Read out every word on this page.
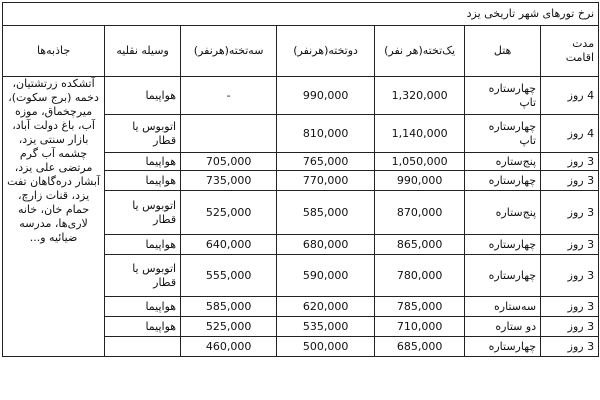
نرخ تورهای شهر تاریخی یزد						
مدت اقامت	هتل	یک‌تخته(هر نفر)	دوتخته(هرنفر)	سه‌تخته(هرنفر)	وسیله نقلیه	جاذبه‌ها
4 روز	چهارستاره تاپ	1,320,000	990,000	-	هواپیما	آتشکده زرتشتیان، دخمه (برج سکوت)، میرچخماق، موزه آب، باغ دولت آباد، بازار سنتی یزد، چشمه آب گرم مرتضی علی یزد، آبشار دره‌گاهان تفت یزد، قنات زارچ، حمام خان، خانه لاری‌ها، مدرسه ضیائیه و...
4 روز	چهارستاره تاپ	1,140,000	810,000		اتوبوس یا قطار	
3 روز	پنج‌ستاره	1,050,000	765,000	705,000	هواپیما	
3 روز	چهارستاره	990,000	770,000	735,000	هواپیما	
3 روز	پنج‌ستاره	870,000	585,000	525,000	اتوبوس یا قطار	
3 روز	چهارستاره	865,000	680,000	640,000	هواپیما	
3 روز	چهارستاره	780,000	590,000	555,000	اتوبوس یا قطار	
3 روز	سه‌ستاره	785,000	620,000	585,000	هواپیما	
3 روز	دو ستاره	710,000	535,000	525,000	هواپیما	
3 روز	چهارستاره	685,000	500,000	460,000		
